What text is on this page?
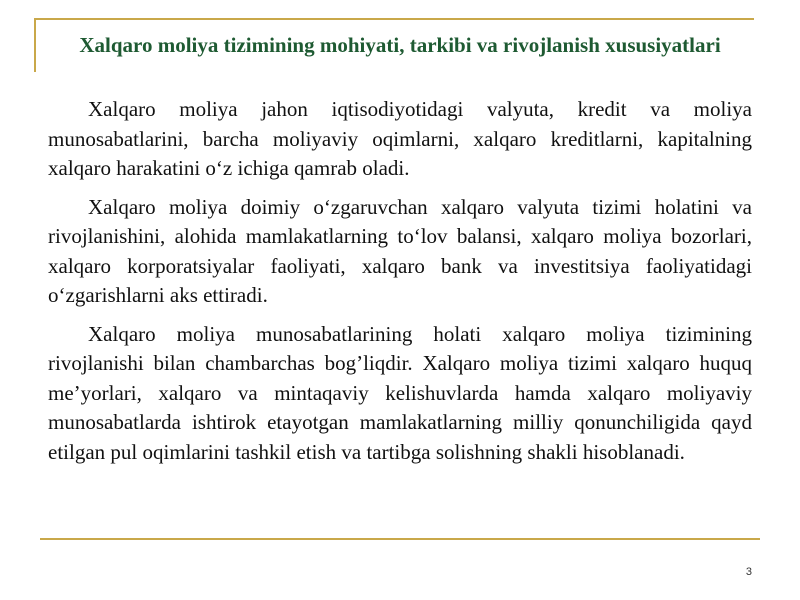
Xalqaro moliya tizimining mohiyati, tarkibi va rivojlanish xususiyatlari

Xalqaro moliya jahon iqtisodiyotidagi valyuta, kredit va moliya munosabatlarini, barcha moliyaviy oqimlarni, xalqaro kreditlarni, kapitalning xalqaro harakatini o‘z ichiga qamrab oladi.

Xalqaro moliya doimiy o‘zgaruvchan xalqaro valyuta tizimi holatini va rivojlanishini, alohida mamlakatlarning to‘lov balansi, xalqaro moliya bozorlari, xalqaro korporatsiyalar faoliyati, xalqaro bank va investitsiya faoliyatidagi o‘zgarishlarni aks ettiradi.

Xalqaro moliya munosabatlarining holati xalqaro moliya tizimining rivojlanishi bilan chambarchas bog’liqdir. Xalqaro moliya tizimi xalqaro huquq me’yorlari, xalqaro va mintaqaviy kelishuvlarda hamda xalqaro moliyaviy munosabatlarda ishtirok etayotgan mamlakatlarning milliy qonunchiligida qayd etilgan pul oqimlarini tashkil etish va tartibga solishning shakli hisoblanadi.

3
